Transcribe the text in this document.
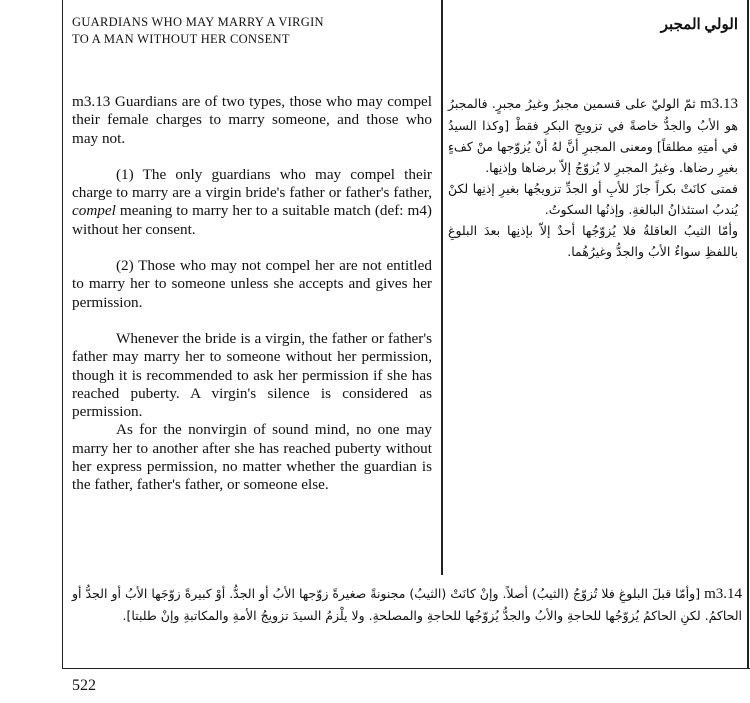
GUARDIANS WHO MAY MARRY A VIRGIN
TO A MAN WITHOUT HER CONSENT
الولي المجبر

m3.13 Guardians are of two types, those who may compel their female charges to marry someone, and those who may not.

(1) The only guardians who may compel their charge to marry are a virgin bride's father or father's father, compel meaning to marry her to a suitable match (def: m4) without her consent.

(2) Those who may not compel her are not entitled to marry her to someone unless she accepts and gives her permission.

Whenever the bride is a virgin, the father or father's father may marry her to someone without her permission, though it is recommended to ask her permission if she has reached puberty. A virgin's silence is considered as permission.

As for the nonvirgin of sound mind, no one may marry her to another after she has reached puberty without her express permission, no matter whether the guardian is the father, father's father, or someone else.

m3.13 ثمّ الوليّ على قسمين مجبرٌ وغيرُ مجبرٍ. فالمجبرُ هو الأبُ والجدُّ خاصةً في تزويجِ البكرِ فقطْ [وكذا السيدُ في أمتِهِ مطلقاً] ومعنى المجبرِ أنَّ لهُ أنْ يُزوّجها منْ كفءٍ بغيرِ رضاها. وغيرُ المجبرِ لا يُزوّجُ إلاّ برضاها وإذنِها.

فمتى كانَتْ بكراً جازَ للأبِ أو الجدِّ تزويجُها بغيرِ إذنِها لكنْ يُندبُ استئذانُ البالغةِ. وإذنُها السكوتُ.

وأمّا الثيبُ العاقلةُ فلا يُزوّجُها أحدٌ إلاّ بإذنِها بعدَ البلوغِ باللفظِ سواءٌ الأبُ والجدُّ وغيرُهُما.

m3.14 [وأمّا قبلَ البلوغِ فلا تُزوّجُ (الثيبُ) أصلاً. وإنْ كانَتْ (الثيبُ) مجنونةً صغيرةً زوّجها الأبُ أو الجدُّ. أوْ كبيرةً زوّجَها الأبُ أو الجدُّ أو الحاكمُ. لكنِ الحاكمُ يُزوّجُها للحاجةِ والأبُ والجدُّ يُزوّجُها للحاجةِ والمصلحةِ. ولا يلْزمُ السيدَ تزويجُ الأمةِ والمكاتبةِ وإنْ طلبتا].
522
